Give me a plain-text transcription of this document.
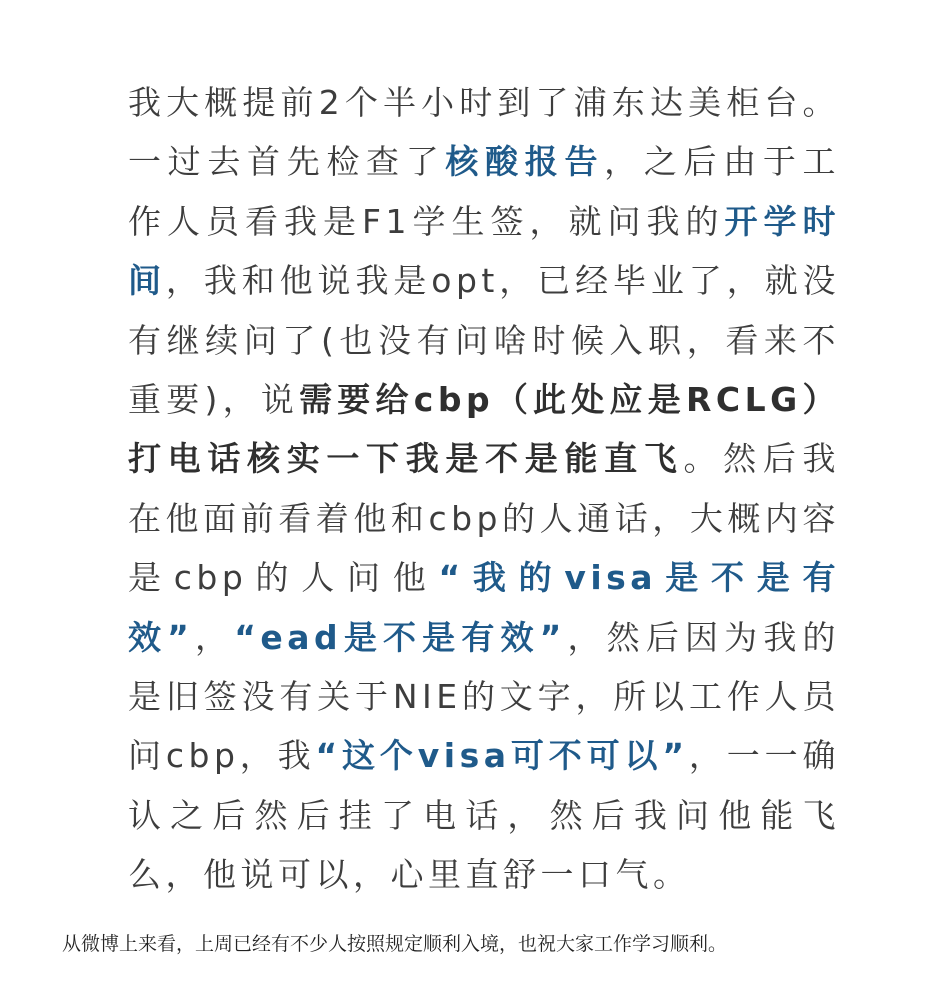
我大概提前2个半小时到了浦东达美柜台。一过去首先检查了核酸报告，之后由于工作人员看我是F1学生签，就问我的开学时间，我和他说我是opt，已经毕业了，就没有继续问了(也没有问啥时候入职，看来不重要)，说需要给cbp（此处应是RCLG）打电话核实一下我是不是能直飞。然后我在他面前看着他和cbp的人通话，大概内容是cbp的人问他“我的visa是不是有效”，“ead是不是有效”，然后因为我的是旧签没有关于NIE的文字，所以工作人员问cbp，我“这个visa可不可以”，一一确认之后然后挂了电话，然后我问他能飞么，他说可以，心里直舒一口气。

从微博上来看，上周已经有不少人按照规定顺利入境，也祝大家工作学习顺利。
